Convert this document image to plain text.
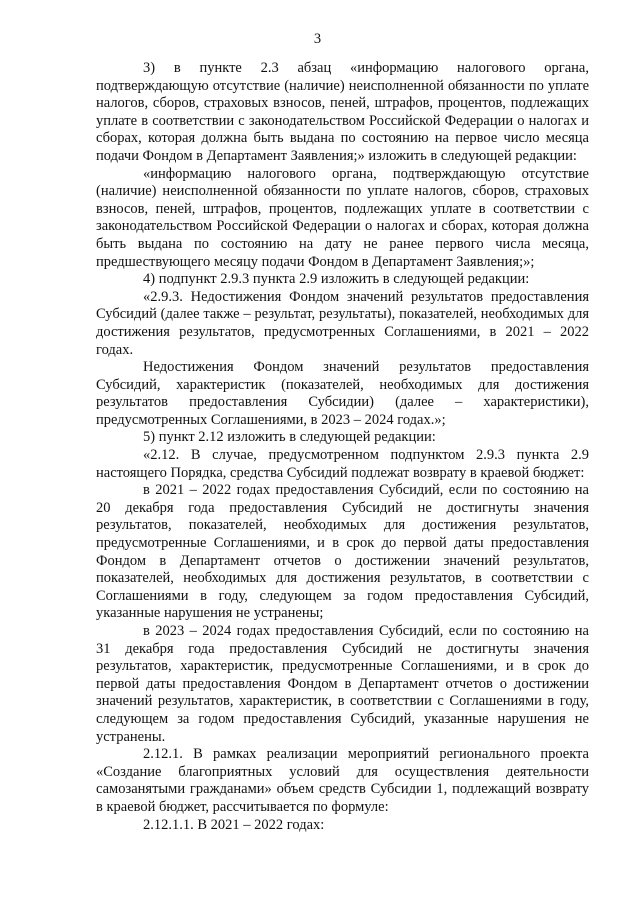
3

3) в пункте 2.3 абзац «информацию налогового органа, подтверждающую отсутствие (наличие) неисполненной обязанности по уплате налогов, сборов, страховых взносов, пеней, штрафов, процентов, подлежащих уплате в соответствии с законодательством Российской Федерации о налогах и сборах, которая должна быть выдана по состоянию на первое число месяца подачи Фондом в Департамент Заявления;» изложить в следующей редакции:

«информацию налогового органа, подтверждающую отсутствие (наличие) неисполненной обязанности по уплате налогов, сборов, страховых взносов, пеней, штрафов, процентов, подлежащих уплате в соответствии с законодательством Российской Федерации о налогах и сборах, которая должна быть выдана по состоянию на дату не ранее первого числа месяца, предшествующего месяцу подачи Фондом в Департамент Заявления;»;

4) подпункт 2.9.3 пункта 2.9 изложить в следующей редакции:

«2.9.3. Недостижения Фондом значений результатов предоставления Субсидий (далее также – результат, результаты), показателей, необходимых для достижения результатов, предусмотренных Соглашениями, в 2021 – 2022 годах.

Недостижения Фондом значений результатов предоставления Субсидий, характеристик (показателей, необходимых для достижения результатов предоставления Субсидии) (далее – характеристики), предусмотренных Соглашениями, в 2023 – 2024 годах.»;

5) пункт 2.12 изложить в следующей редакции:

«2.12. В случае, предусмотренном подпунктом 2.9.3 пункта 2.9 настоящего Порядка, средства Субсидий подлежат возврату в краевой бюджет:

в 2021 – 2022 годах предоставления Субсидий, если по состоянию на 20 декабря года предоставления Субсидий не достигнуты значения результатов, показателей, необходимых для достижения результатов, предусмотренные Соглашениями, и в срок до первой даты предоставления Фондом в Департамент отчетов о достижении значений результатов, показателей, необходимых для достижения результатов, в соответствии с Соглашениями в году, следующем за годом предоставления Субсидий, указанные нарушения не устранены;

в 2023 – 2024 годах предоставления Субсидий, если по состоянию на 31 декабря года предоставления Субсидий не достигнуты значения результатов, характеристик, предусмотренные Соглашениями, и в срок до первой даты предоставления Фондом в Департамент отчетов о достижении значений результатов, характеристик, в соответствии с Соглашениями в году, следующем за годом предоставления Субсидий, указанные нарушения не устранены.

2.12.1. В рамках реализации мероприятий регионального проекта «Создание благоприятных условий для осуществления деятельности самозанятыми гражданами» объем средств Субсидии 1, подлежащий возврату в краевой бюджет, рассчитывается по формуле:

2.12.1.1. В 2021 – 2022 годах:
